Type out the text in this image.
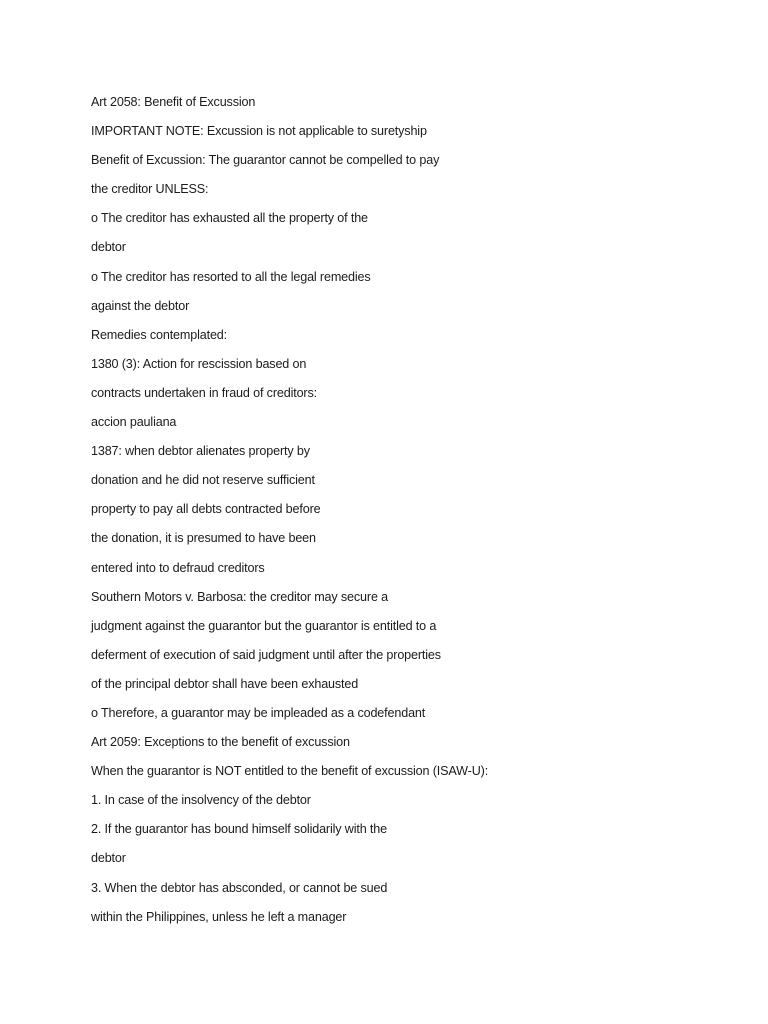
Art 2058: Benefit of Excussion
IMPORTANT NOTE: Excussion is not applicable to suretyship
Benefit of Excussion: The guarantor cannot be compelled to pay
the creditor UNLESS:
o The creditor has exhausted all the property of the
debtor
o The creditor has resorted to all the legal remedies
against the debtor
Remedies contemplated:
1380 (3): Action for rescission based on
contracts undertaken in fraud of creditors:
accion pauliana
1387: when debtor alienates property by
donation and he did not reserve sufficient
property to pay all debts contracted before
the donation, it is presumed to have been
entered into to defraud creditors
Southern Motors v. Barbosa: the creditor may secure a
judgment against the guarantor but the guarantor is entitled to a
deferment of execution of said judgment until after the properties
of the principal debtor shall have been exhausted
o Therefore, a guarantor may be impleaded as a codefendant
Art 2059: Exceptions to the benefit of excussion
When the guarantor is NOT entitled to the benefit of excussion (ISAW-U):
1. In case of the insolvency of the debtor
2. If the guarantor has bound himself solidarily with the
debtor
3. When the debtor has absconded, or cannot be sued
within the Philippines, unless he left a manager
